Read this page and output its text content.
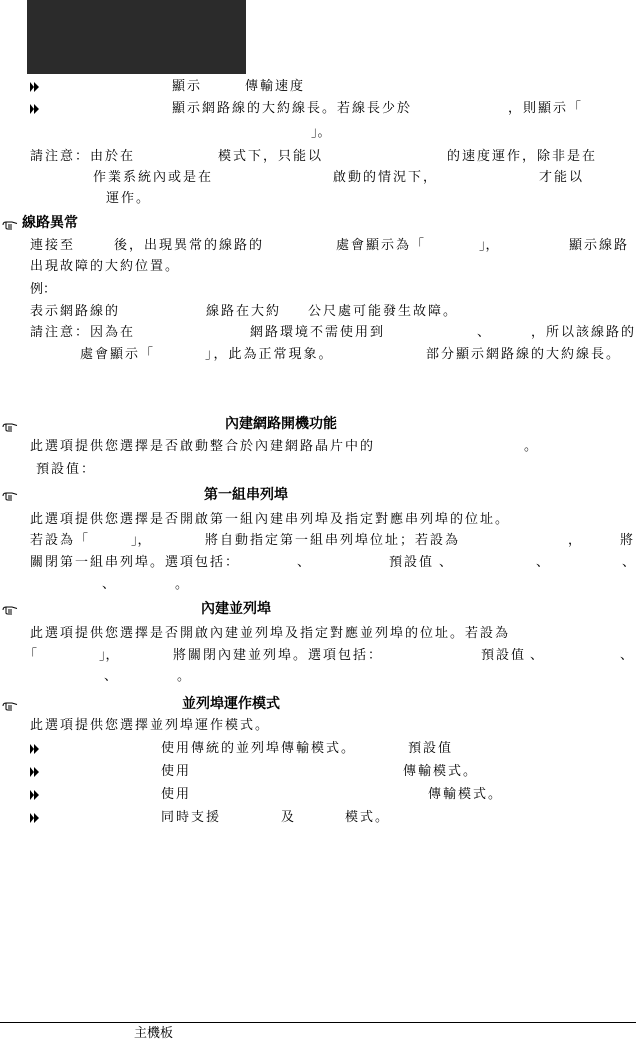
顯示	傳輸速度
顯示網路線的大約線長。若線長少於	，則顯示「
」。
請注意：由於在	模式下，只能以	的速度運作，除非是在
作業系統內或是在	啟動的情況下，	才能以
運作。
線路異常
連接至	後，出現異常的線路的	處會顯示為「	」，	顯示線路
出現故障的大約位置。
例：
表示網路線的	線路在大約 公尺處可能發生故障。
請注意：因為在	網路環境不需使用到	、	，所以該線路的
處會顯示「	」，此為正常現象。	部分顯示網路線的大約線長。
內建網路開機功能
此選項提供您選擇是否啟動整合於內建網路晶片中的	。
預設值：
第一組串列埠
此選項提供您選擇是否開啟第一組內建串列埠及指定對應串列埠的位址。
若設為「	」，	將自動指定第一組串列埠位址；若設為	，	將
關閉第一組串列埠。選項包括：	、	預設值 、	、	、
、	。
內建並列埠
此選項提供您選擇是否開啟內建並列埠及指定對應並列埠的位址。若設為
「	」，	將關閉內建並列埠。選項包括：	預設值 、	、
、	。
並列埠運作模式
此選項提供您選擇並列埠運作模式。
使用傳統的並列埠傳輸模式。	預設值
使用	傳輸模式。
使用	傳輸模式。
同時支援	及	模式。
主機板
